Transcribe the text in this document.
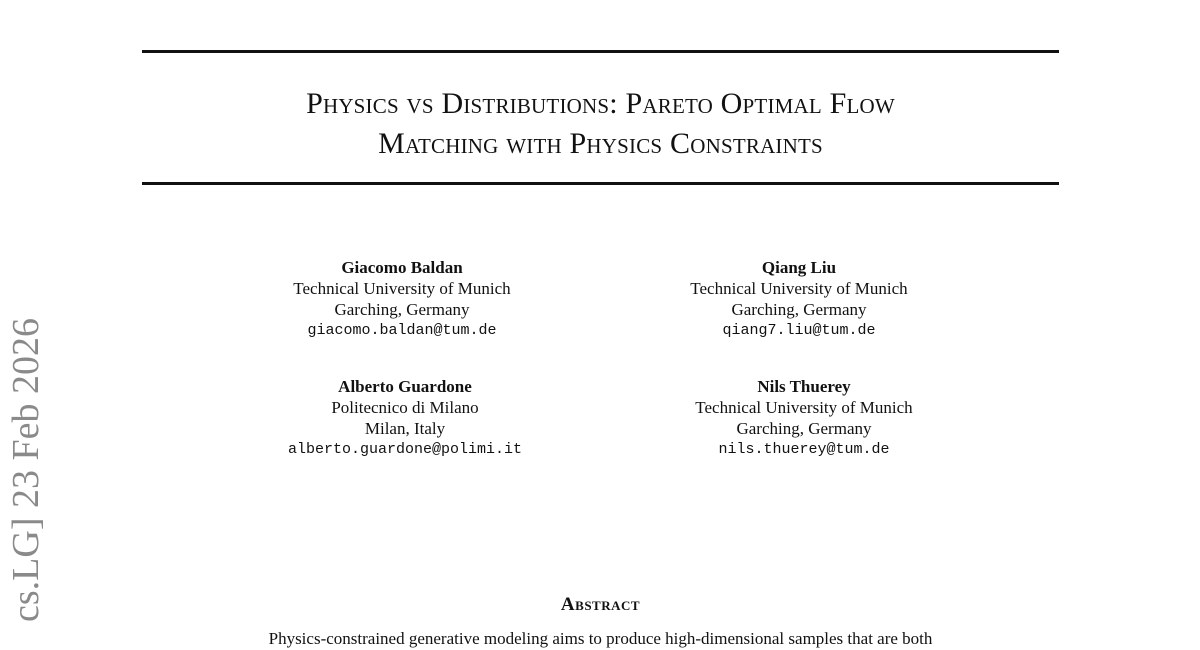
Physics vs Distributions: Pareto Optimal Flow
Matching with Physics Constraints
Giacomo Baldan
Technical University of Munich
Garching, Germany
giacomo.baldan@tum.de
Qiang Liu
Technical University of Munich
Garching, Germany
qiang7.liu@tum.de
Alberto Guardone
Politecnico di Milano
Milan, Italy
alberto.guardone@polimi.it
Nils Thuerey
Technical University of Munich
Garching, Germany
nils.thuerey@tum.de
cs.LG] 23 Feb 2026	Abstract
Physics-constrained generative modeling aims to produce high-dimensional samples that are both
